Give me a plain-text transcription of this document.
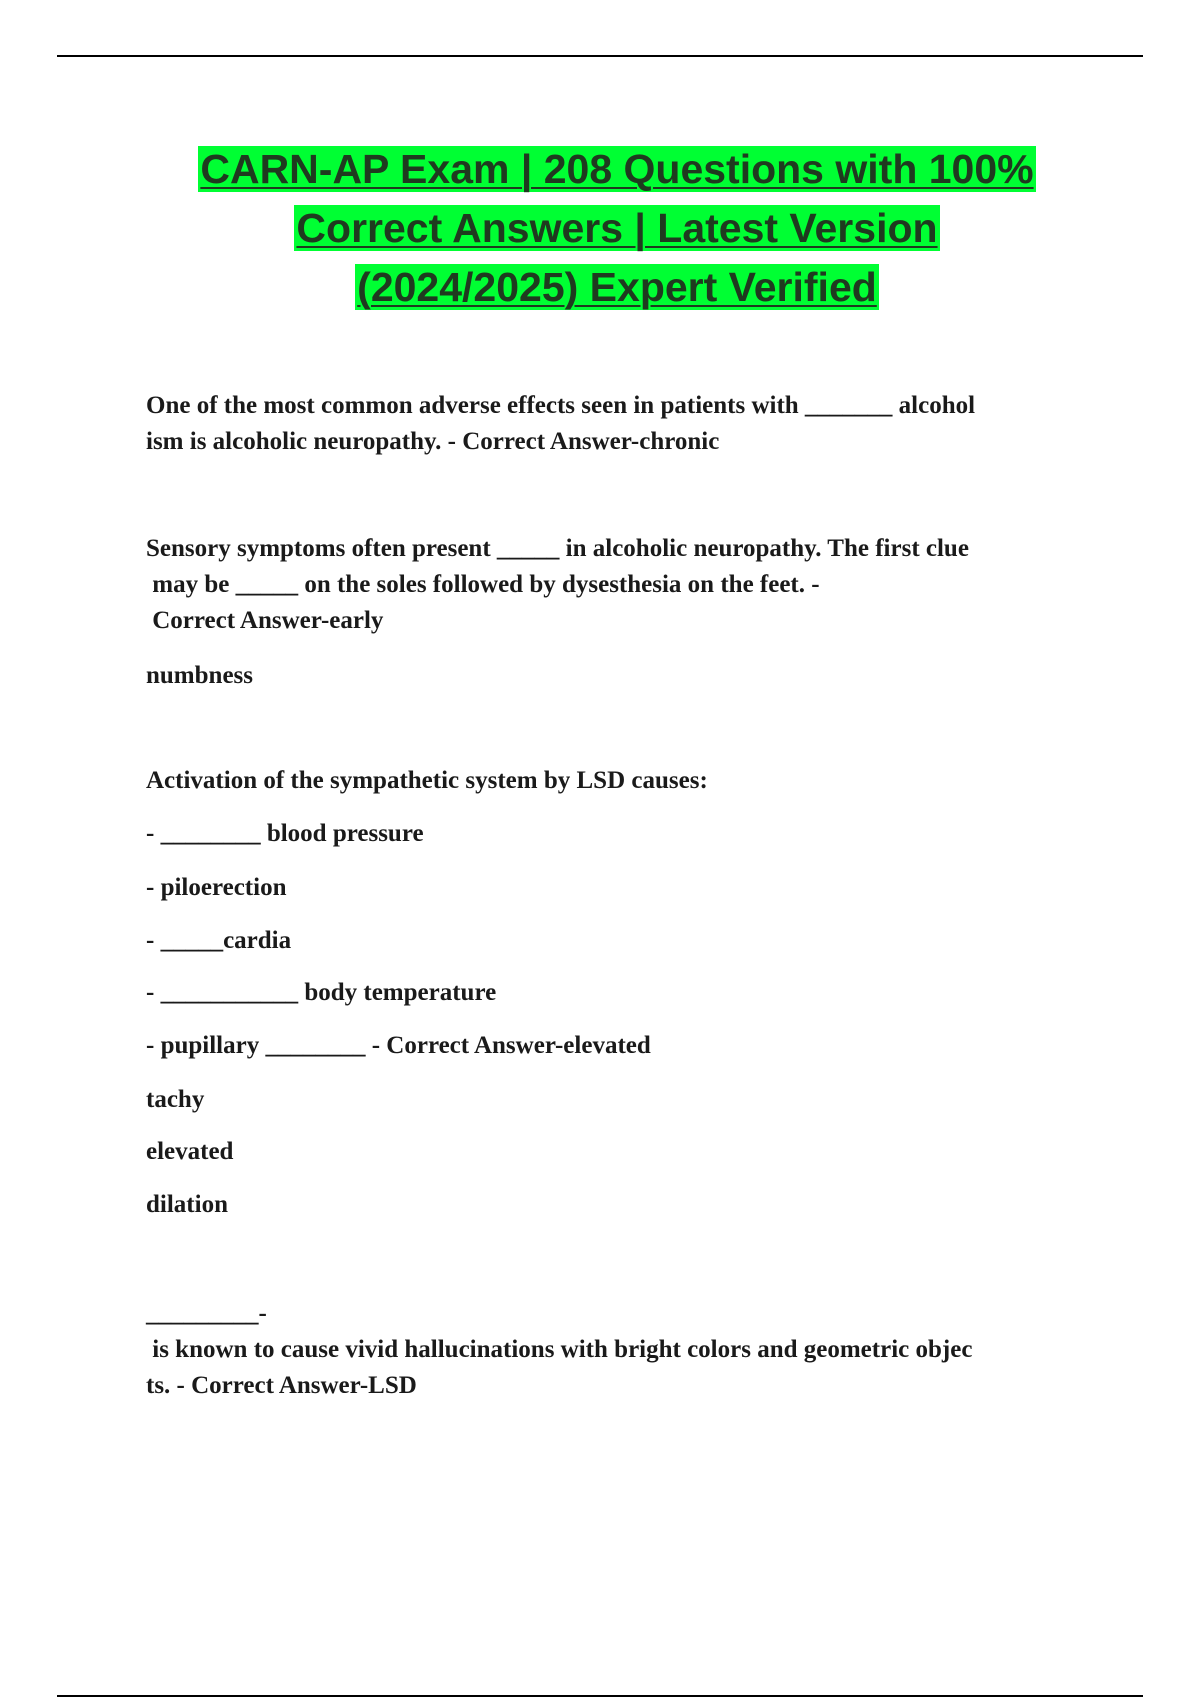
CARN-AP Exam | 208 Questions with 100%
Correct Answers | Latest Version
(2024/2025) Expert Verified
One of the most common adverse effects seen in patients with _______ alcohol
ism is alcoholic neuropathy. - Correct Answer-chronic
Sensory symptoms often present _____ in alcoholic neuropathy. The first clue
may be _____ on the soles followed by dysesthesia on the feet. -
Correct Answer-early
numbness
Activation of the sympathetic system by LSD causes:
- ________ blood pressure
- piloerection
- _____cardia
- ___________ body temperature
- pupillary ________ - Correct Answer-elevated
tachy
elevated
dilation
_________-
is known to cause vivid hallucinations with bright colors and geometric objec
ts. - Correct Answer-LSD
